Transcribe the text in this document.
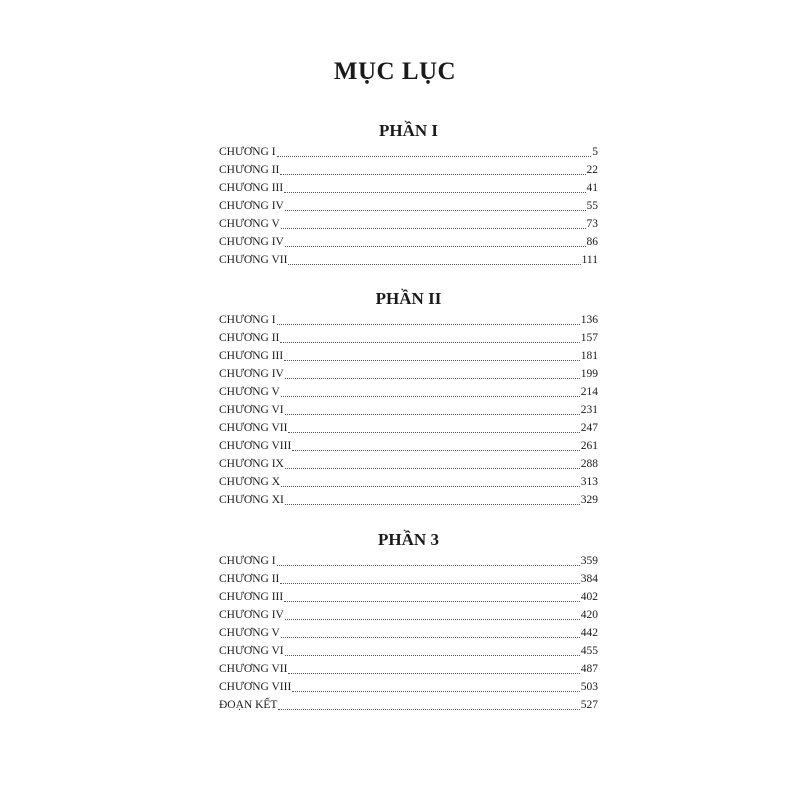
MỤC LỤC
PHẦN I
CHƯƠNG I	5
CHƯƠNG II	22
CHƯƠNG III	41
CHƯƠNG IV	55
CHƯƠNG V	73
CHƯƠNG IV	86
CHƯƠNG VII	111
PHẦN II
CHƯƠNG I	136
CHƯƠNG II	157
CHƯƠNG III	181
CHƯƠNG IV	199
CHƯƠNG V	214
CHƯƠNG VI	231
CHƯƠNG VII	247
CHƯƠNG VIII	261
CHƯƠNG IX	288
CHƯƠNG X	313
CHƯƠNG XI	329
PHẦN 3
CHƯƠNG I	359
CHƯƠNG II	384
CHƯƠNG III	402
CHƯƠNG IV	420
CHƯƠNG V	442
CHƯƠNG VI	455
CHƯƠNG VII	487
CHƯƠNG VIII	503
ĐOẠN KẾT	527
